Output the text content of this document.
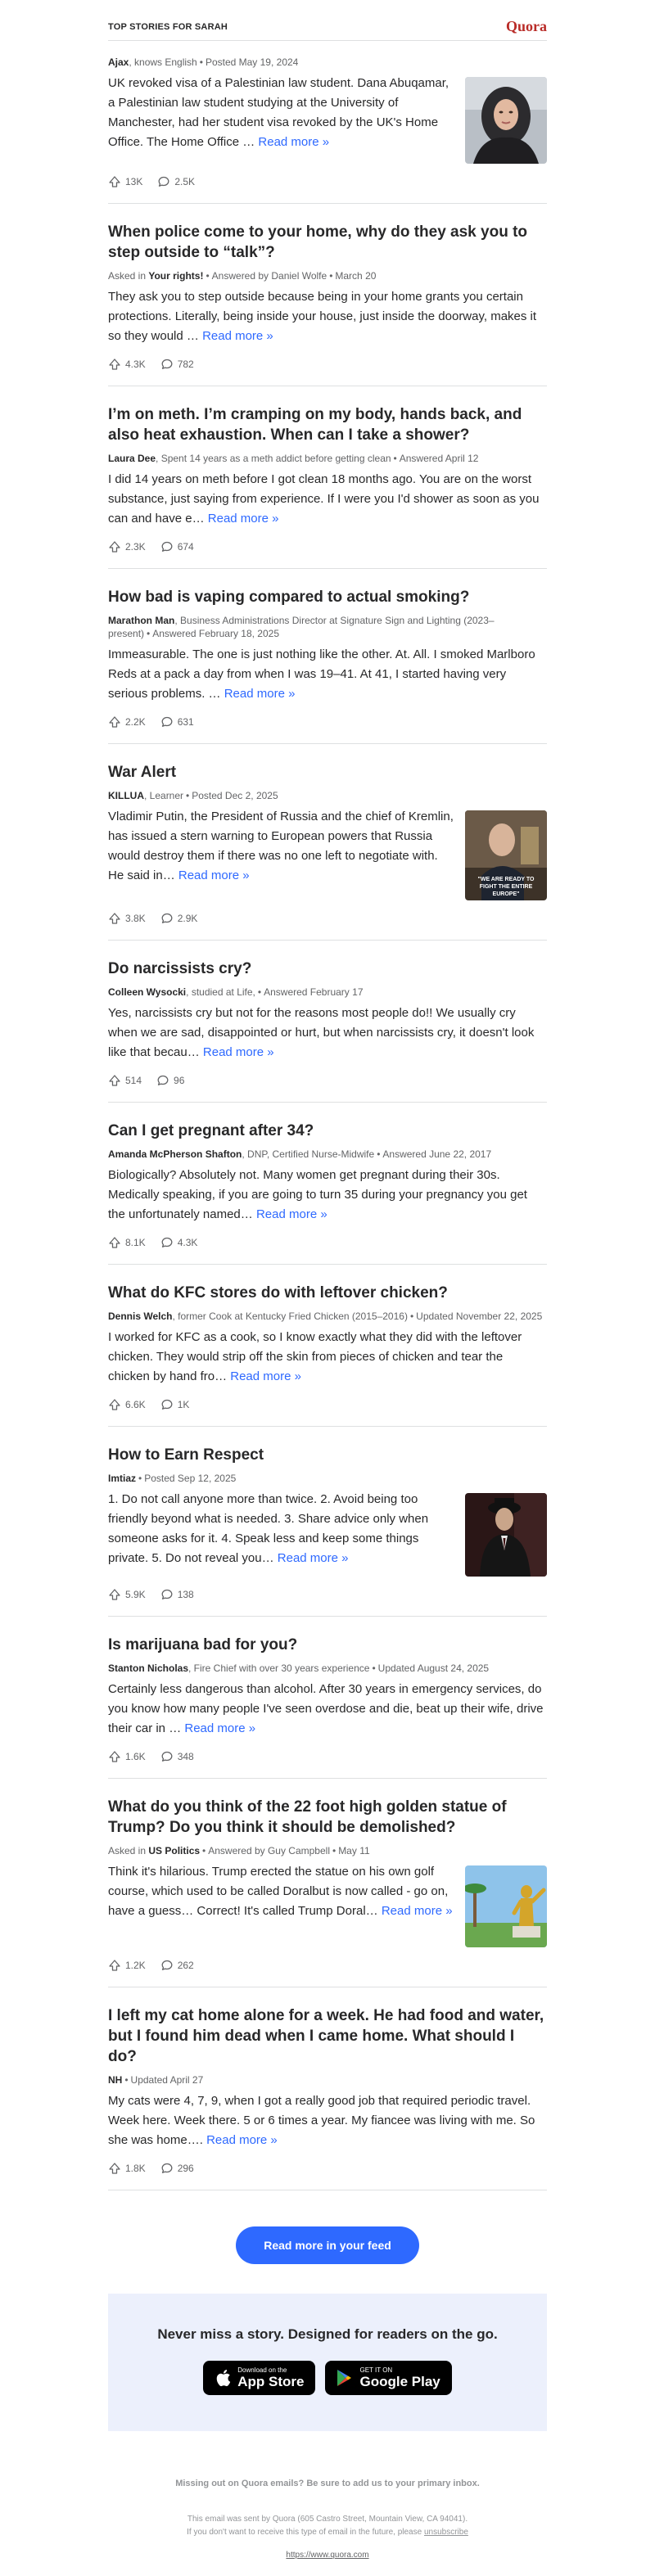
TOP STORIES FOR SARAH	Quora
Ajax, knows English • Posted May 19, 2024
UK revoked visa of a Palestinian law student. Dana Abuqamar, a Palestinian law student studying at the University of Manchester, had her student visa revoked by the UK's Home Office. The Home Office … Read more »
13K	2.5K
When police come to your home, why do they ask you to step outside to “talk”?
Asked in Your rights! • Answered by Daniel Wolfe • March 20
They ask you to step outside because being in your home grants you certain protections. Literally, being inside your house, just inside the doorway, makes it so they would … Read more »
4.3K	782
I’m on meth. I’m cramping on my body, hands back, and also heat exhaustion. When can I take a shower?
Laura Dee, Spent 14 years as a meth addict before getting clean • Answered April 12
I did 14 years on meth before I got clean 18 months ago. You are on the worst substance, just saying from experience. If I were you I'd shower as soon as you can and have e… Read more »
2.3K	674
How bad is vaping compared to actual smoking?
Marathon Man, Business Administrations Director at Signature Sign and Lighting (2023–present) • Answered February 18, 2025
Immeasurable. The one is just nothing like the other. At. All. I smoked Marlboro Reds at a pack a day from when I was 19–41. At 41, I started having very serious problems. … Read more »
2.2K	631
War Alert
KILLUA, Learner • Posted Dec 2, 2025
Vladimir Putin, the President of Russia and the chief of Kremlin, has issued a stern warning to European powers that Russia would destroy them if there was no one left to negotiate with. He said in… Read more »	"WE ARE READY TO
FIGHT THE ENTIRE
EUROPE"
3.8K	2.9K
Do narcissists cry?
Colleen Wysocki, studied at Life, • Answered February 17
Yes, narcissists cry but not for the reasons most people do!! We usually cry when we are sad, disappointed or hurt, but when narcissists cry, it doesn't look like that becau… Read more »
514	96
Can I get pregnant after 34?
Amanda McPherson Shafton, DNP, Certified Nurse-Midwife • Answered June 22, 2017
Biologically? Absolutely not. Many women get pregnant during their 30s. Medically speaking, if you are going to turn 35 during your pregnancy you get the unfortunately named… Read more »
8.1K	4.3K
What do KFC stores do with leftover chicken?
Dennis Welch, former Cook at Kentucky Fried Chicken (2015–2016) • Updated November 22, 2025
I worked for KFC as a cook, so I know exactly what they did with the leftover chicken. They would strip off the skin from pieces of chicken and tear the chicken by hand fro… Read more »
6.6K	1K
How to Earn Respect
Imtiaz • Posted Sep 12, 2025
1. Do not call anyone more than twice. 2. Avoid being too friendly beyond what is needed. 3. Share advice only when someone asks for it. 4. Speak less and keep some things private. 5. Do not reveal you… Read more »
5.9K	138
Is marijuana bad for you?
Stanton Nicholas, Fire Chief with over 30 years experience • Updated August 24, 2025
Certainly less dangerous than alcohol. After 30 years in emergency services, do you know how many people I've seen overdose and die, beat up their wife, drive their car in … Read more »
1.6K	348
What do you think of the 22 foot high golden statue of Trump? Do you think it should be demolished?
Asked in US Politics • Answered by Guy Campbell • May 11
Think it's hilarious. Trump erected the statue on his own golf course, which used to be called Doralbut is now called - go on, have a guess… Correct! It's called Trump Doral… Read more »
1.2K	262
I left my cat home alone for a week. He had food and water, but I found him dead when I came home. What should I do?
NH • Updated April 27
My cats were 4, 7, 9, when I got a really good job that required periodic travel. Week here. Week there. 5 or 6 times a year. My fiancee was living with me. So she was home…. Read more »
1.8K	296
Read more in your feed
Never miss a story. Designed for readers on the go.
Download on the
App Store
GET IT ON
Google Play
Missing out on Quora emails? Be sure to add us to your primary inbox.
This email was sent by Quora (605 Castro Street, Mountain View, CA 94041).
If you don't want to receive this type of email in the future, please unsubscribe
https://www.quora.com
